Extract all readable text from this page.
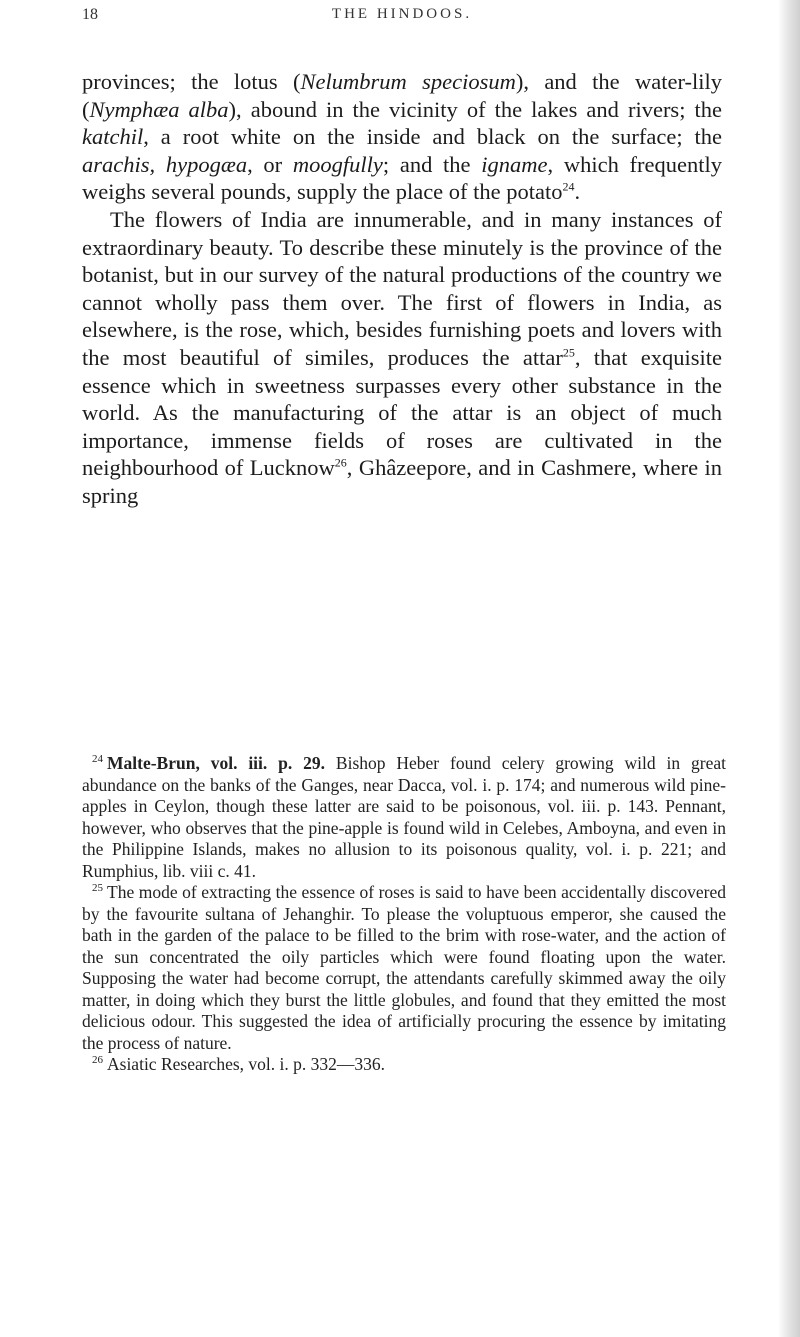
18	THE HINDOOS.

provinces; the lotus (Nelumbrum speciosum), and the water-lily (Nymphæa alba), abound in the vicinity of the lakes and rivers; the katchil, a root white on the inside and black on the surface; the arachis, hypogæa, or moogfully; and the igname, which frequently weighs several pounds, supply the place of the potato$^{24}$.

The flowers of India are innumerable, and in many instances of extraordinary beauty. To describe these minutely is the province of the botanist, but in our survey of the natural productions of the country we cannot wholly pass them over. The first of flowers in India, as elsewhere, is the rose, which, besides furnishing poets and lovers with the most beautiful of similes, produces the attar$^{25}$, that exquisite essence which in sweetness surpasses every other substance in the world. As the manufacturing of the attar is an object of much importance, immense fields of roses are cultivated in the neighbourhood of Lucknow$^{26}$, Ghâzeepore, and in Cashmere, where in spring

$^{24}$ Malte-Brun, vol. iii. p. 29. Bishop Heber found celery growing wild in great abundance on the banks of the Ganges, near Dacca, vol. i. p. 174; and numerous wild pine-apples in Ceylon, though these latter are said to be poisonous, vol. iii. p. 143. Pennant, however, who observes that the pine-apple is found wild in Celebes, Amboyna, and even in the Philippine Islands, makes no allusion to its poisonous quality, vol. i. p. 221; and Rumphius, lib. viii c. 41.

$^{25}$ The mode of extracting the essence of roses is said to have been accidentally discovered by the favourite sultana of Jehanghir. To please the voluptuous emperor, she caused the bath in the garden of the palace to be filled to the brim with rose-water, and the action of the sun concentrated the oily particles which were found floating upon the water. Supposing the water had become corrupt, the attendants carefully skimmed away the oily matter, in doing which they burst the little globules, and found that they emitted the most delicious odour. This suggested the idea of artificially procuring the essence by imitating the process of nature.

$^{26}$ Asiatic Researches, vol. i. p. 332—336.
